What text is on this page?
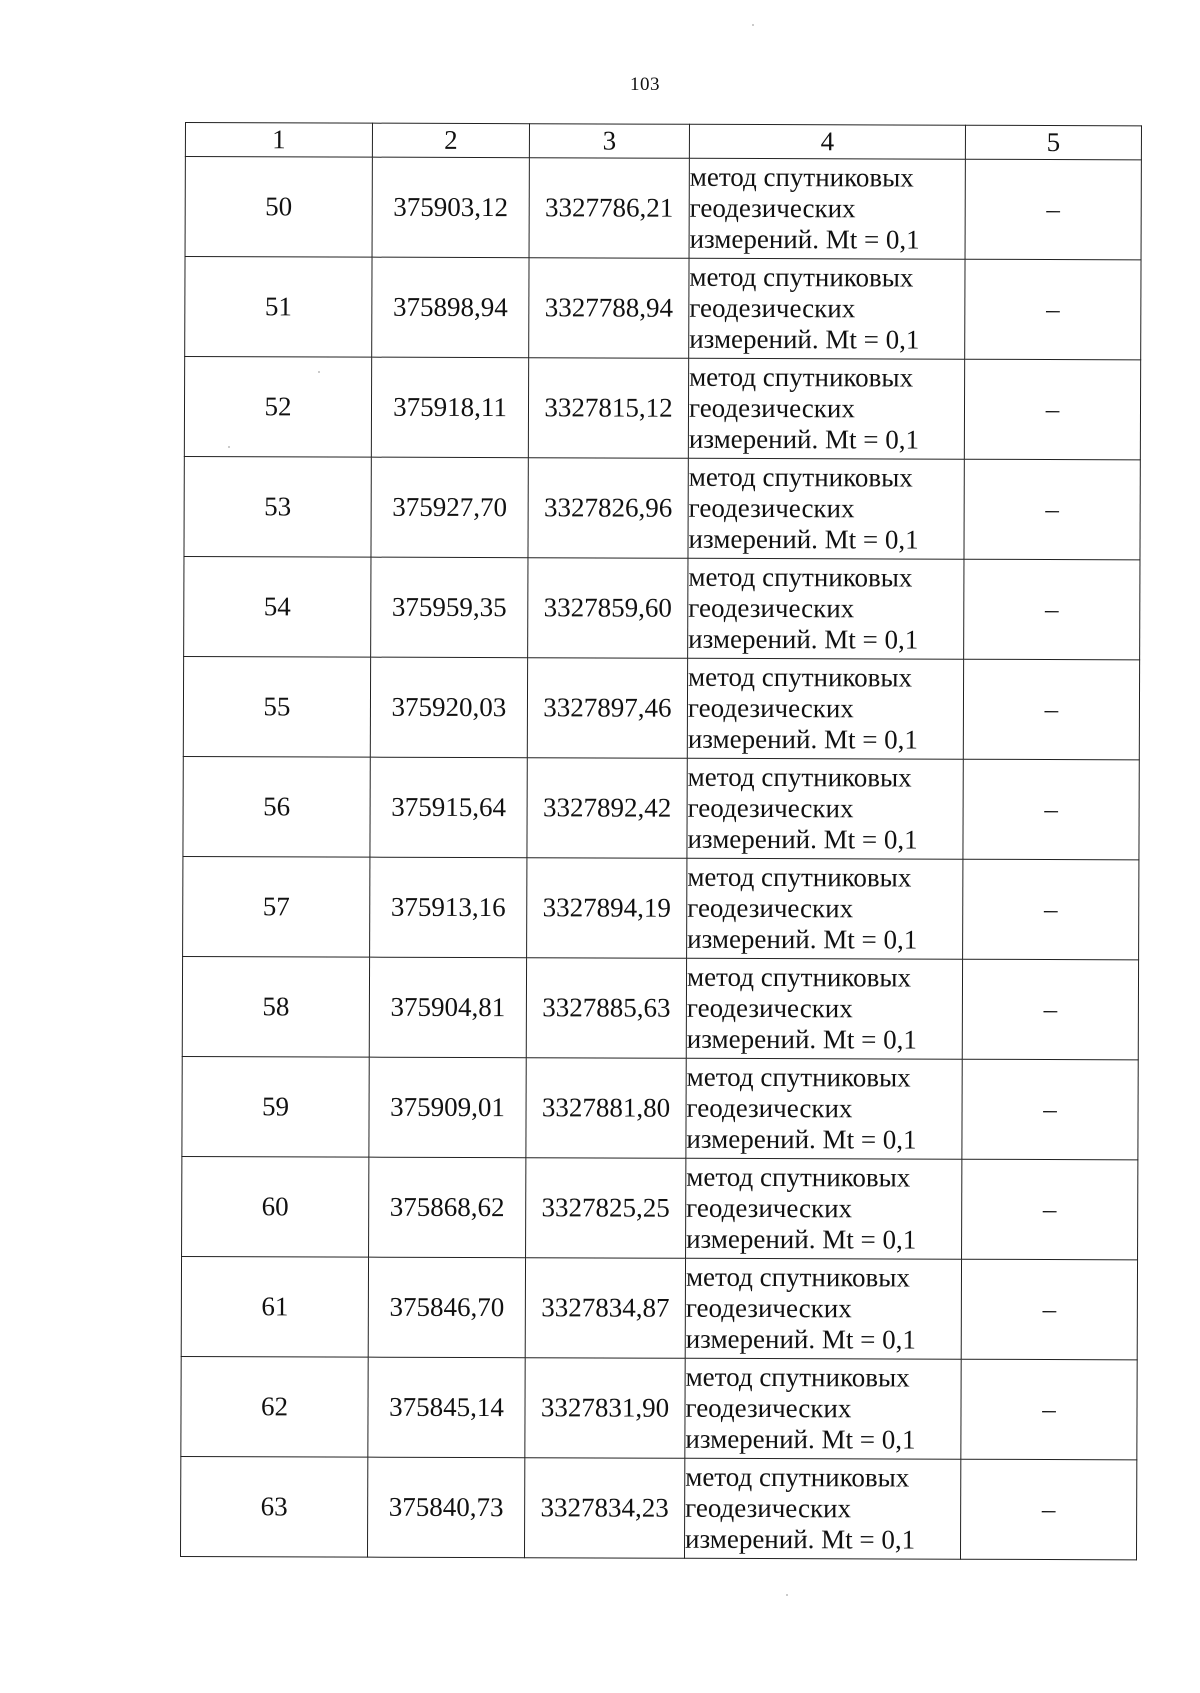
103
1	2	3	4	5
50	375903,12	3327786,21	метод спутниковых
геодезических
измерений. Mt = 0,1	–
51	375898,94	3327788,94	метод спутниковых
геодезических
измерений. Mt = 0,1	–
52	375918,11	3327815,12	метод спутниковых
геодезических
измерений. Mt = 0,1	–
53	375927,70	3327826,96	метод спутниковых
геодезических
измерений. Mt = 0,1	–
54	375959,35	3327859,60	метод спутниковых
геодезических
измерений. Mt = 0,1	–
55	375920,03	3327897,46	метод спутниковых
геодезических
измерений. Mt = 0,1	–
56	375915,64	3327892,42	метод спутниковых
геодезических
измерений. Mt = 0,1	–
57	375913,16	3327894,19	метод спутниковых
геодезических
измерений. Mt = 0,1	–
58	375904,81	3327885,63	метод спутниковых
геодезических
измерений. Mt = 0,1	–
59	375909,01	3327881,80	метод спутниковых
геодезических
измерений. Mt = 0,1	–
60	375868,62	3327825,25	метод спутниковых
геодезических
измерений. Mt = 0,1	–
61	375846,70	3327834,87	метод спутниковых
геодезических
измерений. Mt = 0,1	–
62	375845,14	3327831,90	метод спутниковых
геодезических
измерений. Mt = 0,1	–
63	375840,73	3327834,23	метод спутниковых
геодезических
измерений. Mt = 0,1	–
